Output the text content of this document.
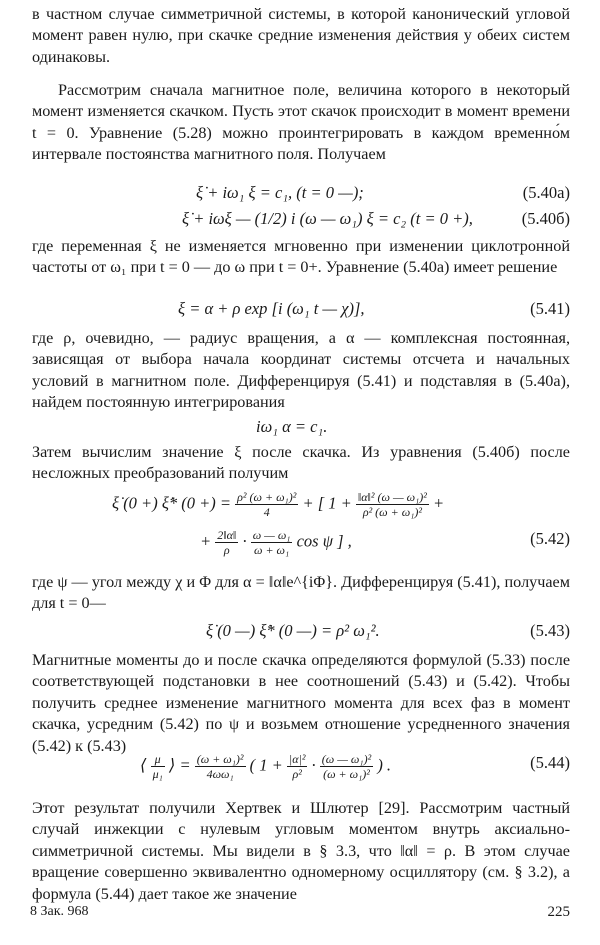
в частном случае симметричной системы, в которой канонический угловой момент равен нулю, при скачке средние изменения действия у обеих систем одинаковы.

Рассмотрим сначала магнитное поле, величина которого в некоторый момент изменяется скачком. Пусть этот скачок происходит в момент времени t = 0. Уравнение (5.28) можно проинтегрировать в каждом временно́м интервале постоянства магнитного поля. Получаем

ξ̇ + iω₁ ξ = c₁, (t = 0 —);	(5.40а)
ξ̇ + iωξ — (1/2) i (ω — ω₁) ξ = c₂ (t = 0 +),	(5.40б)

где переменная ξ не изменяется мгновенно при изменении циклотронной частоты от ω₁ при t = 0 — до ω при t = 0+. Уравнение (5.40а) имеет решение

ξ = α + ρ exp [i (ω₁ t — χ)],	(5.41)

где ρ, очевидно, — радиус вращения, а α — комплексная постоянная, зависящая от выбора начала координат системы отсчета и начальных условий в магнитном поле. Дифференцируя (5.41) и подставляя в (5.40а), найдем постоянную интегрирования

iω₁ α = c₁.

Затем вычислим значение ξ после скачка. Из уравнения (5.40б) после несложных преобразований получим

ξ̇ (0 +) ξ̇* (0 +) = $\frac{\text{ρ² (ω + ω₁)²}}{4}$ + [ $1 + \frac{\text{‖α‖² (ω — ω₁)²}}{\text{ρ² (ω + ω₁)²}}$ +
+ $\frac{2‖\alpha‖}{\rho} \cdot \frac{\text{ω — ω₁}}{\text{ω + ω₁}}$ cos ψ ] ,	(5.42)

где ψ — угол между χ и Φ для α = ‖α‖e^{iΦ}. Дифференцируя (5.41), получаем для t = 0—

ξ̇ (0 —) ξ̇* (0 —) = ρ² ω₁².	(5.43)

Магнитные моменты до и после скачка определяются формулой (5.33) после соответствующей подстановки в нее соотношений (5.43) и (5.42). Чтобы получить среднее изменение магнитного момента для всех фаз в момент скачка, усредним (5.42) по ψ и возьмем отношение усредненного значения (5.42) к (5.43)

⟨ $\frac{\mu}{\text{μ₁}}$ ⟩ = $\frac{\text{(ω + ω₁)²}}{\text{4ωω₁}}$ ( $1 + \frac{\text{|α|²}}{\text{ρ²}} \cdot \frac{\text{(ω — ω₁)²}}{\text{(ω + ω₁)²}}$ ) .	(5.44)

Этот результат получили Хертвек и Шлютер [29]. Рассмотрим частный случай инжекции с нулевым угловым моментом внутрь аксиально-симметричной системы. Мы видели в § 3.3, что ‖α‖ = ρ. В этом случае вращение совершенно эквивалентно одномерному осциллятору (см. § 3.2), а формула (5.44) дает такое же значение

8 Зак. 968	225
